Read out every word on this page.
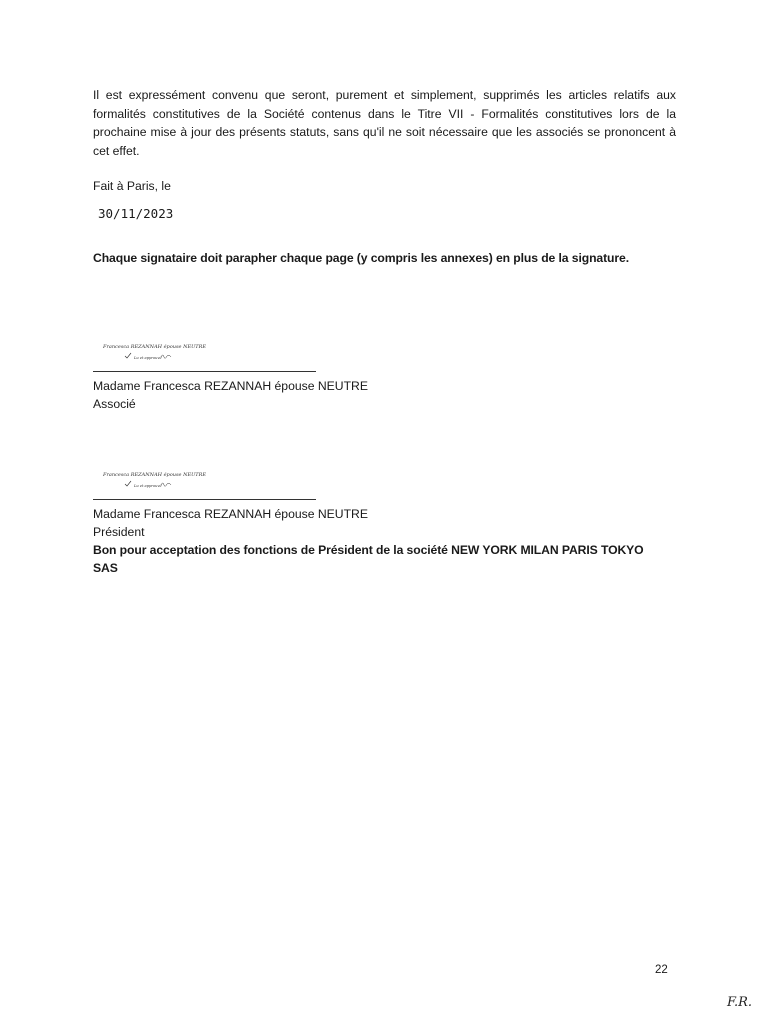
Il est expressément convenu que seront, purement et simplement, supprimés les articles relatifs aux formalités constitutives de la Société contenus dans le Titre VII - Formalités constitutives lors de la prochaine mise à jour des présents statuts, sans qu'il ne soit nécessaire que les associés se prononcent à cet effet.

Fait à Paris, le

30/11/2023

Chaque signataire doit parapher chaque page (y compris les annexes) en plus de la signature.

Francesca REZANNAH épouse NEUTRE
Lu et approuvé

Madame Francesca REZANNAH épouse NEUTRE

Associé

Francesca REZANNAH épouse NEUTRE
Lu et approuvé

Madame Francesca REZANNAH épouse NEUTRE

Président

Bon pour acceptation des fonctions de Président de la société NEW YORK MILAN PARIS TOKYO SAS

22

F.R.
